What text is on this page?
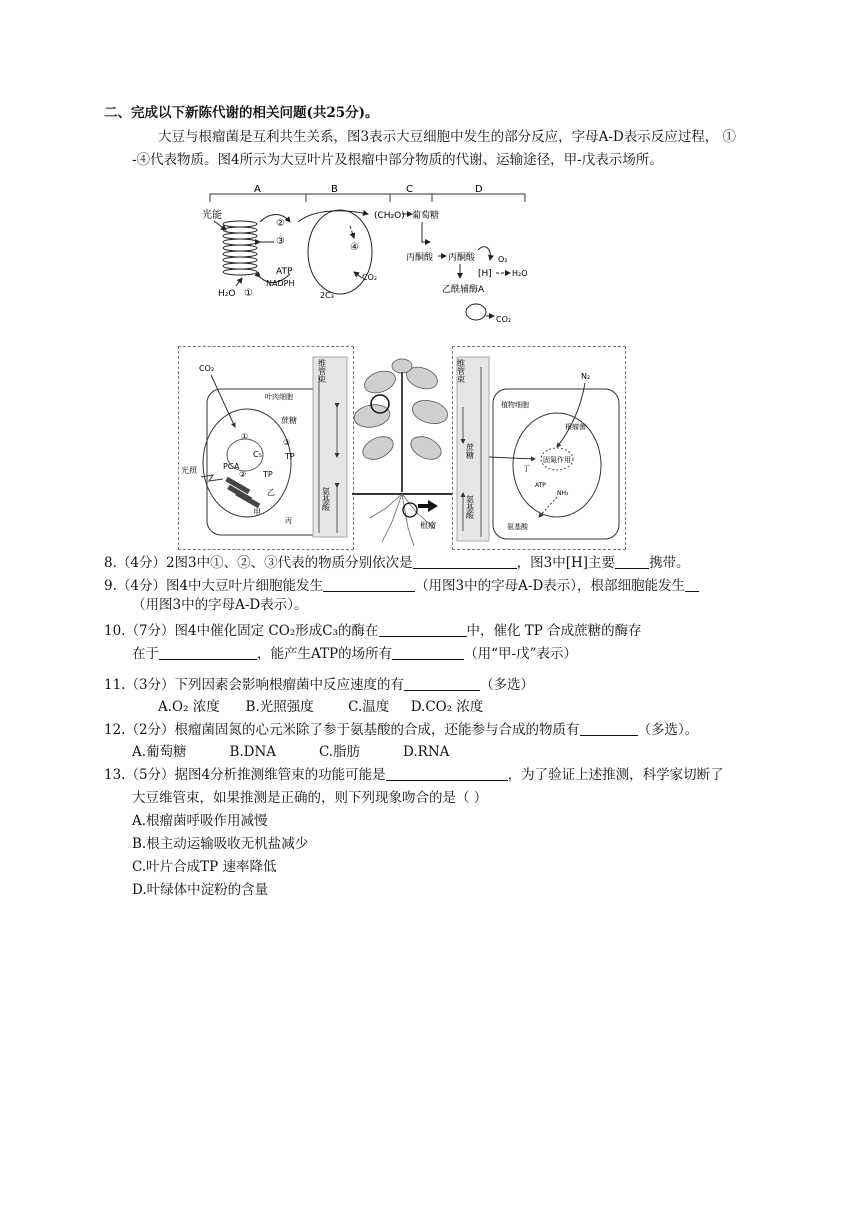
二、完成以下新陈代谢的相关问题(共25分)。
大豆与根瘤菌是互利共生关系，图3表示大豆细胞中发生的部分反应，字母A-D表示反应过程， ①
-④代表物质。图4所示为大豆叶片及根瘤中部分物质的代谢、运输途径，甲-戊表示场所。
A	B	C	D
光能
H₂O ①
②
③
ATP
NADPH
④
CO₂
2C₃
(CH₂O) 葡萄糖
丙酮酸 丙酮酸
[H]
O₂
H₂O
乙酰辅酶A
CO₂
CO₂
叶肉细胞
维管束
蔗糖
①
②
③
C₅
PGA
TP
TP
光照
乙
甲
丙
氨基酸
根瘤
维管束
植物细胞
N₂
根瘤菌
固氮作用
丁
ATP
NH₃
蔗糖
氨基酸
氨基酸
8.（4分）2图3中①、②、③代表的物质分别依次是	，图3中[H]主要	携带。
9.（4分）图4中大豆叶片细胞能发生	（用图3中的字母A-D表示），根部细胞能发生
（用图3中的字母A-D表示）。
10.（7分）图4中催化固定 CO₂形成C₃的酶在	中，催化 TP 合成蔗糖的酶存
在于	，能产生ATP的场所有	（用“甲-戊”表示）
11.（3分）下列因素会影响根瘤菌中反应速度的有	（多选）
A.O₂ 浓度      B.光照强度        C.温度     D.CO₂ 浓度
12.（2分）根瘤菌固氮的心元米除了参于氨基酸的合成，还能参与合成的物质有	（多选）。
A.葡萄糖          B.DNA          C.脂肪          D.RNA
13.（5分）据图4分析推测维管束的功能可能是	，为了验证上述推测，科学家切断了
大豆维管束，如果推测是正确的，则下列现象吻合的是（ ）
A.根瘤菌呼吸作用减慢
B.根主动运输吸收无机盐减少
C.叶片合成TP 速率降低
D.叶绿体中淀粉的含量
